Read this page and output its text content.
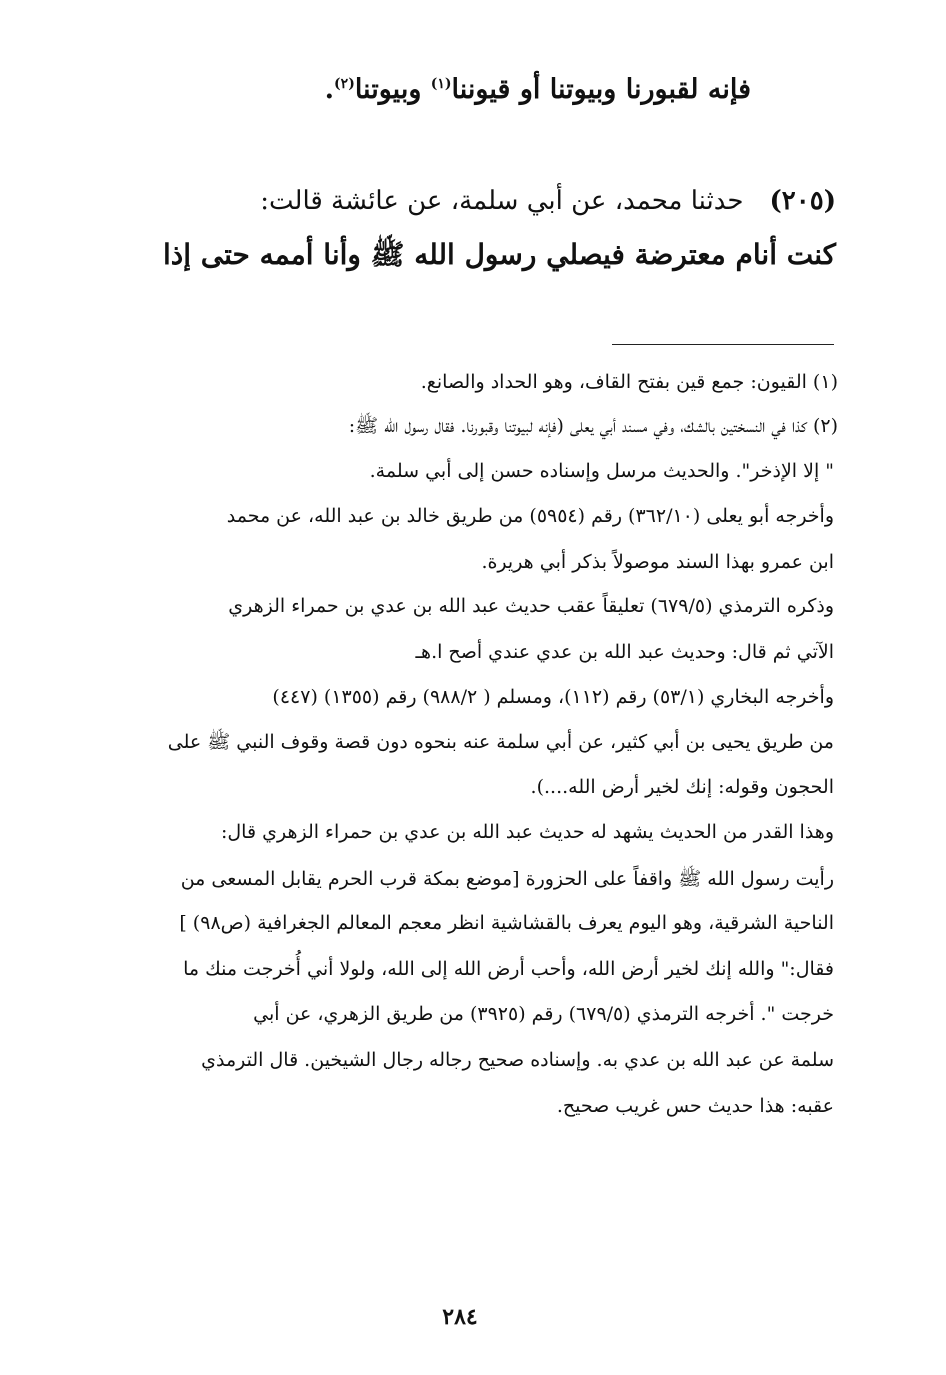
فإنه لقبورنا وبيوتنا أو قيوننا$^{(١)}$ وبيوتنا$^{(٢)}$.
(٢٠٥)حدثنا محمد، عن أبي سلمة، عن عائشة قالت:
كنت أنام معترضة فيصلي رسول الله ﷺ وأنا أممه حتى إذا
(١) القيون: جمع قين بفتح القاف، وهو الحداد والصانع.
(٢) كذا في النسختين بالشك، وفي مسند أبي يعلى (فإنه لبيوتنا وقبورنا. فقال رسول الله ﷺ:
" إلا الإذخر". والحديث مرسل وإسناده حسن إلى أبي سلمة.
وأخرجه أبو يعلى (٣٦٢/١٠) رقم (٥٩٥٤) من طريق خالد بن عبد الله، عن محمد
ابن عمرو بهذا السند موصولاً بذكر أبي هريرة.
وذكره الترمذي (٦٧٩/٥) تعليقاً عقب حديث عبد الله بن عدي بن حمراء الزهري
الآتي ثم قال: وحديث عبد الله بن عدي عندي أصح ا.هـ
وأخرجه البخاري (٥٣/١) رقم (١١٢)، ومسلم ( ٩٨٨/٢) رقم (١٣٥٥) (٤٤٧)
من طريق يحيى بن أبي كثير، عن أبي سلمة عنه بنحوه دون قصة وقوف النبي ﷺ على
الحجون وقوله: إنك لخير أرض الله....).
وهذا القدر من الحديث يشهد له حديث عبد الله بن عدي بن حمراء الزهري قال:
رأيت رسول الله ﷺ واقفاً على الحزورة [موضع بمكة قرب الحرم يقابل المسعى من
الناحية الشرقية، وهو اليوم يعرف بالقشاشية انظر معجم المعالم الجغرافية (ص٩٨) ]
فقال:" والله إنك لخير أرض الله، وأحب أرض الله إلى الله، ولولا أني أُخرجت منك ما
خرجت ". أخرجه الترمذي (٦٧٩/٥) رقم (٣٩٢٥) من طريق الزهري، عن أبي
سلمة عن عبد الله بن عدي به. وإسناده صحيح رجاله رجال الشيخين. قال الترمذي
عقبه: هذا حديث حس غريب صحيح.
٢٨٤
